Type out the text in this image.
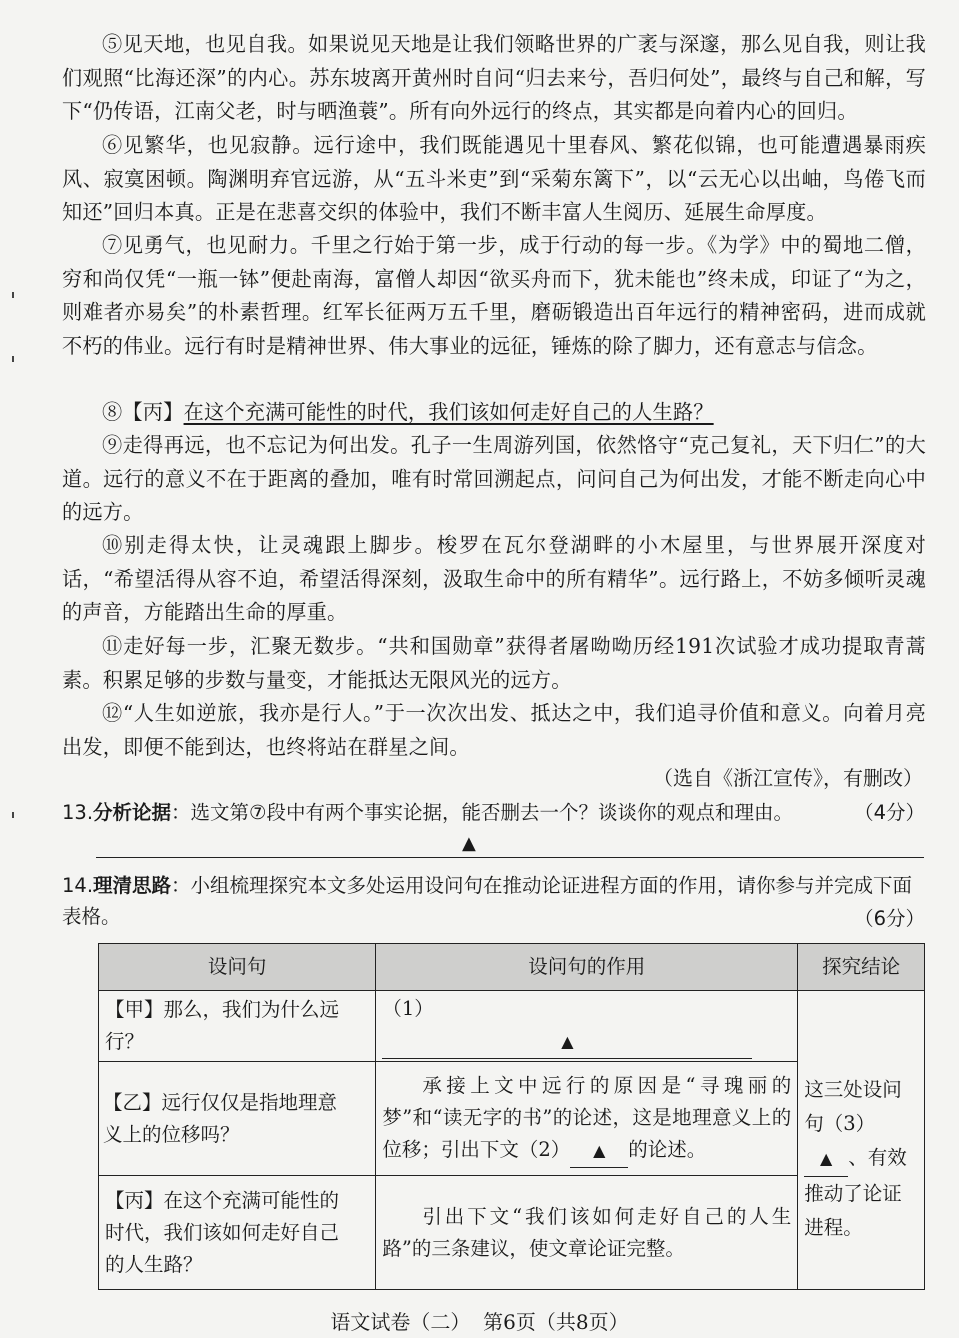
⑤见天地，也见自我。如果说见天地是让我们领略世界的广袤与深邃，那么见自我，则让我们观照“比海还深”的内心。苏东坡离开黄州时自问“归去来兮，吾归何处”，最终与自己和解，写下“仍传语，江南父老，时与晒渔蓑”。所有向外远行的终点，其实都是向着内心的回归。

⑥见繁华，也见寂静。远行途中，我们既能遇见十里春风、繁花似锦，也可能遭遇暴雨疾风、寂寞困顿。陶渊明弃官远游，从“五斗米吏”到“采菊东篱下”，以“云无心以出岫，鸟倦飞而知还”回归本真。正是在悲喜交织的体验中，我们不断丰富人生阅历、延展生命厚度。

⑦见勇气，也见耐力。千里之行始于第一步，成于行动的每一步。《为学》中的蜀地二僧，穷和尚仅凭“一瓶一钵”便赴南海，富僧人却因“欲买舟而下，犹未能也”终未成，印证了“为之，则难者亦易矣”的朴素哲理。红军长征两万五千里，磨砺锻造出百年远行的精神密码，进而成就不朽的伟业。远行有时是精神世界、伟大事业的远征，锤炼的除了脚力，还有意志与信念。

⑧【丙】在这个充满可能性的时代，我们该如何走好自己的人生路？

⑨走得再远，也不忘记为何出发。孔子一生周游列国，依然恪守“克己复礼，天下归仁”的大道。远行的意义不在于距离的叠加，唯有时常回溯起点，问问自己为何出发，才能不断走向心中的远方。

⑩别走得太快，让灵魂跟上脚步。梭罗在瓦尔登湖畔的小木屋里，与世界展开深度对话，“希望活得从容不迫，希望活得深刻，汲取生命中的所有精华”。远行路上，不妨多倾听灵魂的声音，方能踏出生命的厚重。

⑪走好每一步，汇聚无数步。“共和国勋章”获得者屠呦呦历经191次试验才成功提取青蒿素。积累足够的步数与量变，才能抵达无限风光的远方。

⑫“人生如逆旅，我亦是行人。”于一次次出发、抵达之中，我们追寻价值和意义。向着月亮出发，即便不能到达，也终将站在群星之间。

（选自《浙江宣传》，有删改）

13.分析论据：选文第⑦段中有两个事实论据，能否删去一个？谈谈你的观点和理由。	（4分）
▲

14.理清思路：小组梳理探究本文多处运用设问句在推动论证进程方面的作用，请你参与并完成下面表格。	（6分）
设问句	设问句的作用	探究结论
【甲】那么，我们为什么远行？	（1）▲	这三处设问句（3）▲ 、有效推动了论证进程。
【乙】远行仅仅是指地理意义上的位移吗？	承接上文中远行的原因是“寻瑰丽的梦”和“读无字的书”的论述，这是地理意义上的位移；引出下文（2） ▲ 的论述。	
【丙】在这个充满可能性的时代，我们该如何走好自己的人生路？	引出下文“我们该如何走好自己的人生路”的三条建议，使文章论证完整。	
语文试卷（二）  第6页（共8页）
